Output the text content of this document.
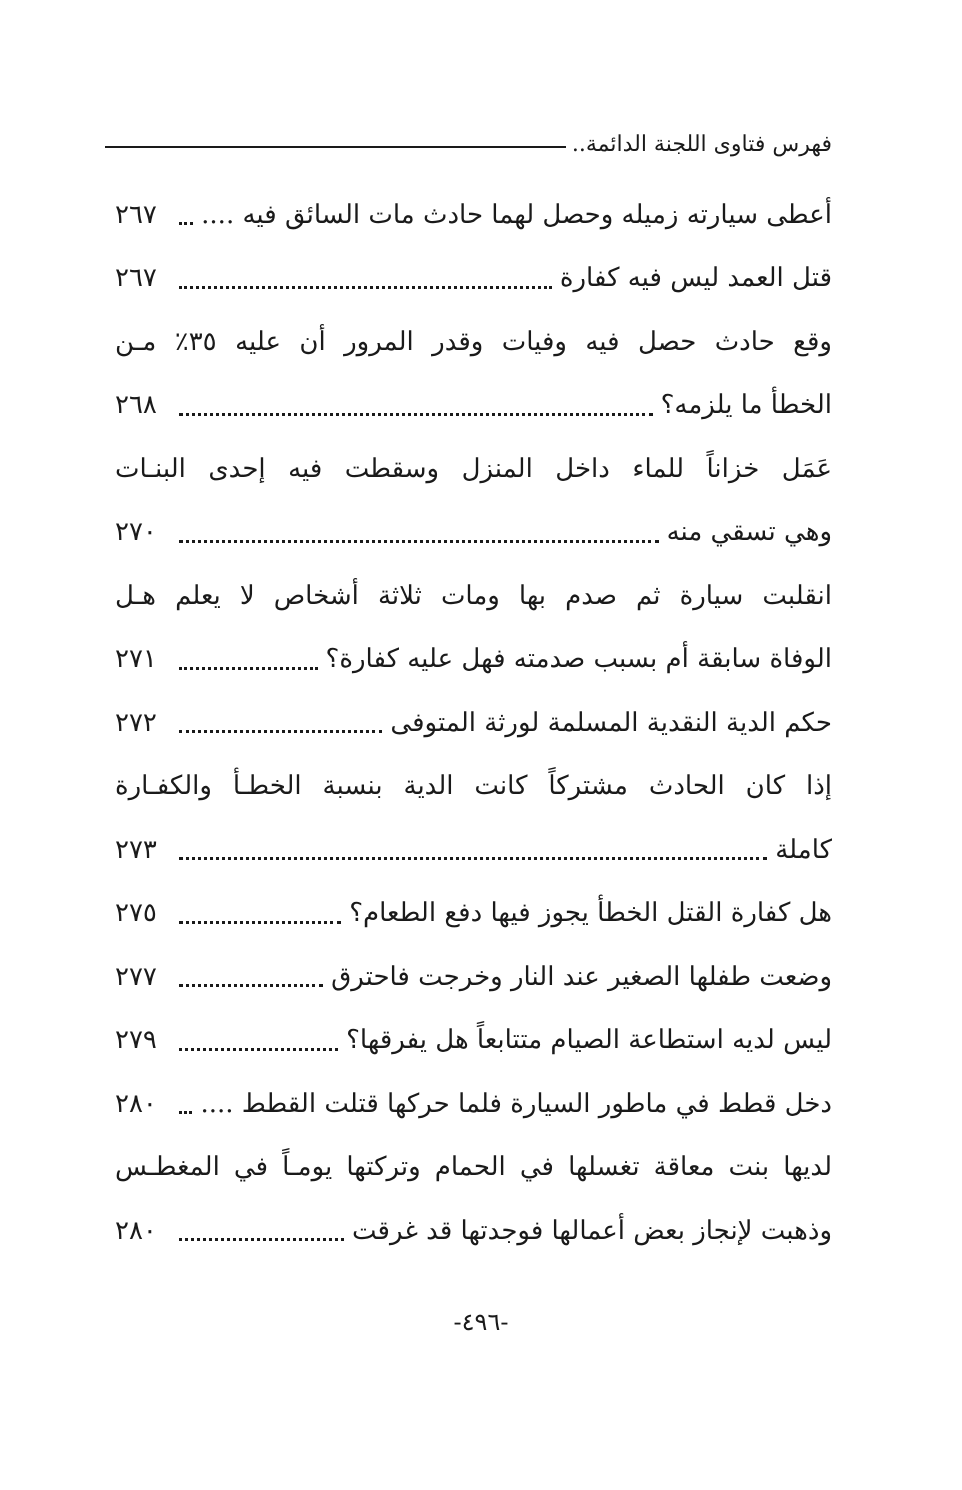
فهرس فتاوى اللجنة الدائمة..
أعطى سيارته زميله وحصل لهما حادث مات السائق فيه ....
٢٦٧
قتل العمد ليس فيه كفارة
٢٦٧
وقع حادث حصل فيه وفيات وقدر المرور أن عليه ٣٥٪ مـن
الخطأ ما يلزمه؟
٢٦٨
عَمَل خزاناً للماء داخل المنزل وسقطت فيه إحدى البنـات
وهي تسقي منه
٢٧٠
انقلبت سيارة ثم صدم بها ومات ثلاثة أشخاص لا يعلم هـل
الوفاة سابقة أم بسبب صدمته فهل عليه كفارة؟
٢٧١
حكم الدية النقدية المسلمة لورثة المتوفى
٢٧٢
إذا كان الحادث مشتركاً كانت الدية بنسبة الخطـأ والكفـارة
كاملة
٢٧٣
هل كفارة القتل الخطأ يجوز فيها دفع الطعام؟
٢٧٥
وضعت طفلها الصغير عند النار وخرجت فاحترق
٢٧٧
ليس لديه استطاعة الصيام متتابعاً هل يفرقها؟
٢٧٩
دخل قطط في ماطور السيارة فلما حركها قتلت القطط ....
٢٨٠
لديها بنت معاقة تغسلها في الحمام وتركتها يومـاً في المغطـس
وذهبت لإنجاز بعض أعمالها فوجدتها قد غرقت
٢٨٠
-٤٩٦-
